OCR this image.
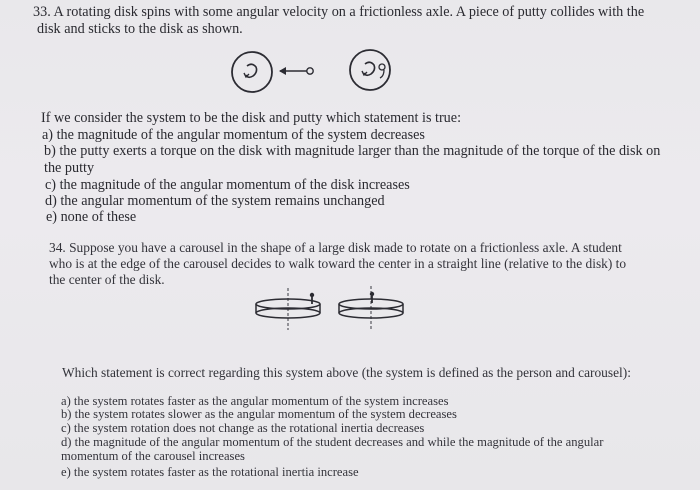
33. A rotating disk spins with some angular velocity on a frictionless axle. A piece of putty collides with the

disk and sticks to the disk as shown.

If we consider the system to be the disk and putty which statement is true:

a) the magnitude of the angular momentum of the system decreases

b) the putty exerts a torque on the disk with magnitude larger than the magnitude of the torque of the disk on

the putty

c) the magnitude of the angular momentum of the disk increases

d) the angular momentum of the system remains unchanged

e) none of these

34. Suppose you have a carousel in the shape of a large disk made to rotate on a frictionless axle. A student

who is at the edge of the carousel decides to walk toward the center in a straight line (relative to the disk) to

the center of the disk.

Which statement is correct regarding this system above (the system is defined as the person and carousel):

a) the system rotates faster as the angular momentum of the system increases

b) the system rotates slower as the angular momentum of the system decreases

c) the system rotation does not change as the rotational inertia decreases

d) the magnitude of the angular momentum of the student decreases and while the magnitude of the angular

momentum of the carousel increases

e) the system rotates faster as the rotational inertia increase
